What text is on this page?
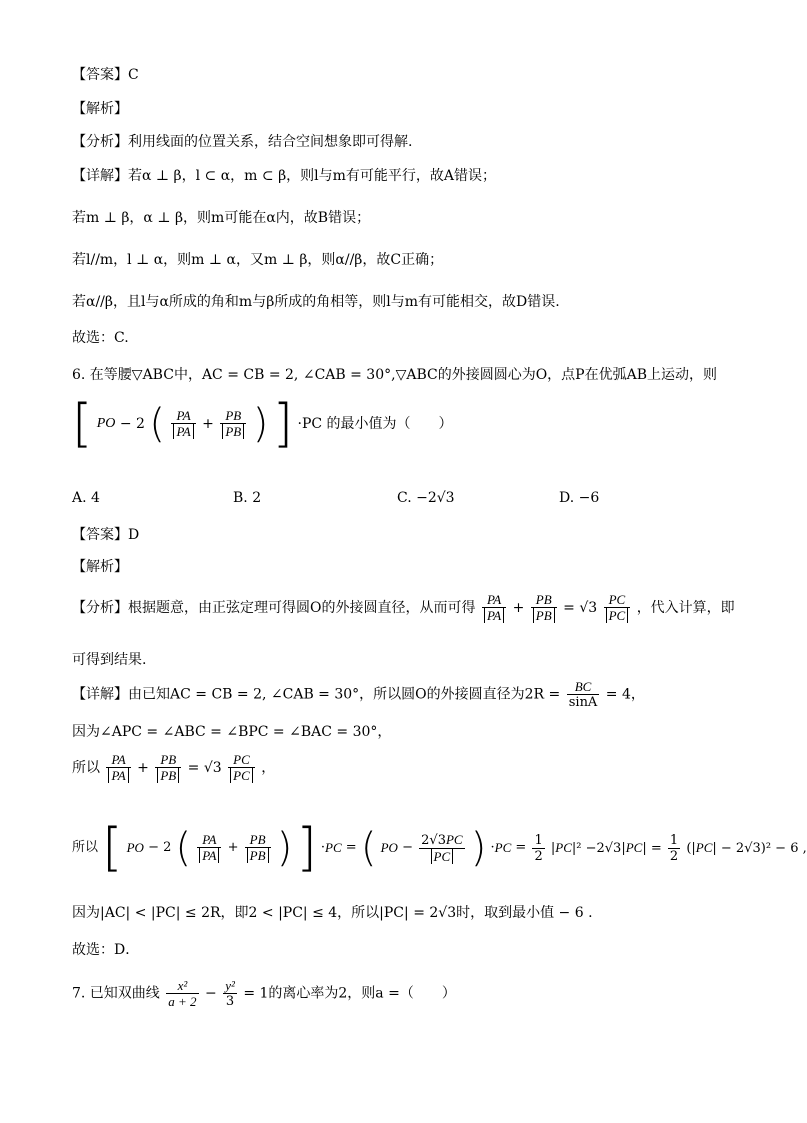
【答案】C
【解析】
【分析】利用线面的位置关系，结合空间想象即可得解.
【详解】若α ⊥ β，l ⊂ α，m ⊂ β，则l与m有可能平行，故A错误；
若m ⊥ β，α ⊥ β，则m可能在α内，故B错误；
若l//m，l ⊥ α，则m ⊥ α，又m ⊥ β，则α//β，故C正确；
若α//β，且l与α所成的角和m与β所成的角相等，则l与m有可能相交，故D错误.
故选：C.
6. 在等腰▽ABC中，AC = CB = 2, ∠CAB = 30°,▽ABC的外接圆圆心为O，点P在优弧AB上运动，则
[ PO − 2 ( $\frac{PA}{PA} + \frac{PB}{PB}$ ) ] ·PC 的最小值为（　　）
A. 4	B. 2	C. −2√3	D. −6
【答案】D
【解析】
【分析】根据题意，由正弦定理可得圆O的外接圆直径，从而可得 $\frac{PA}{PA} + \frac{PB}{PB} = √3 \frac{PC}{PC}$ ，代入计算，即
可得到结果.
【详解】由已知AC = CB = 2, ∠CAB = 30°，所以圆O的外接圆直径为$2R = \frac{BC}{\sin A} = 4$，
因为∠APC = ∠ABC = ∠BPC = ∠BAC = 30°，
所以 $\frac{PA}{PA} + \frac{PB}{PB} = √3 \frac{PC}{PC}$ ，
所以 [ PO − 2 ( $\frac{PA}{PA} + \frac{PB}{PB}$ ) ] ·PC = ( PO − $\frac{2√3PC}{PC}$ ) $\cdot PC = \frac{1}{2} |PC|^2 -2√3|PC| = \frac{1}{2} (|PC| - 2√3)^2 - 6$ ,
因为|AC| < |PC| ≤ 2R，即2 < |PC| ≤ 4，所以|PC| = 2√3时，取到最小值 − 6 .
故选：D．
7. 已知双曲线 $\frac{\text{x²}}{a + 2} - \frac{\text{y²}}{3} = 1$的离心率为2，则a =（　　）
